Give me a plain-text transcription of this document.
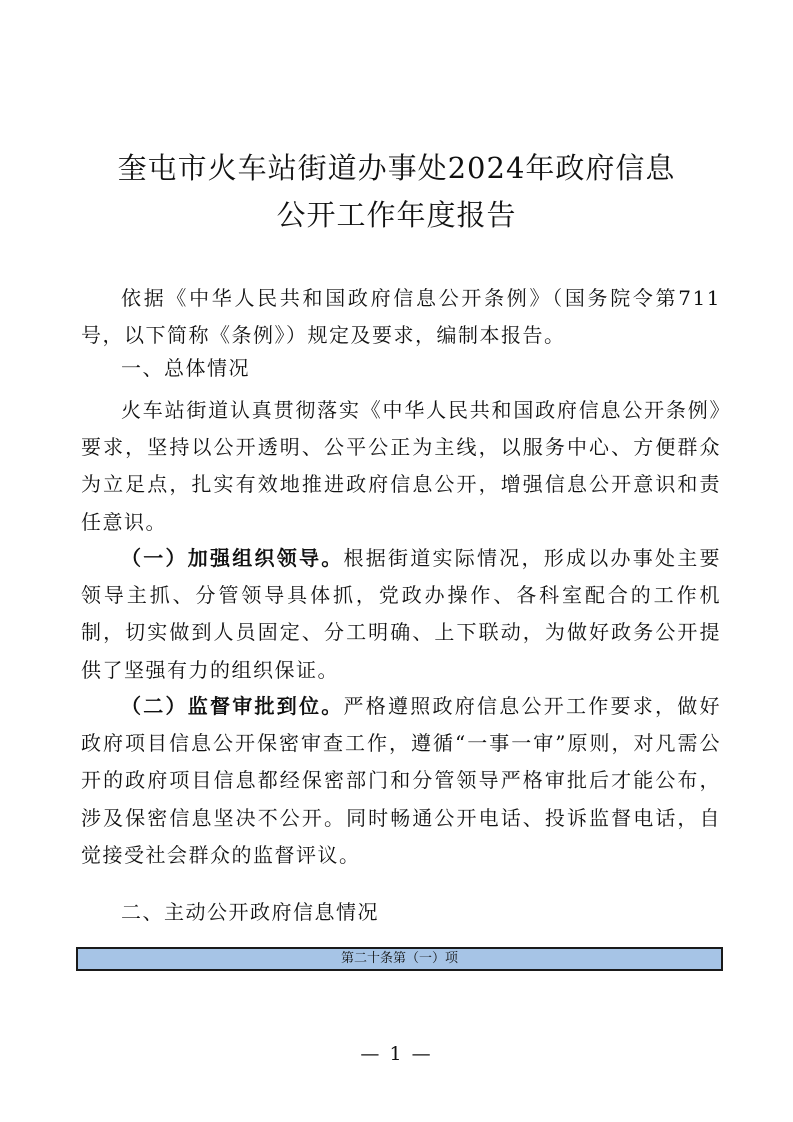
奎屯市火车站街道办事处2024年政府信息
公开工作年度报告
依据《中华人民共和国政府信息公开条例》（国务院令第711号，以下简称《条例》）规定及要求，编制本报告。
一、总体情况
火车站街道认真贯彻落实《中华人民共和国政府信息公开条例》要求，坚持以公开透明、公平公正为主线，以服务中心、方便群众为立足点，扎实有效地推进政府信息公开，增强信息公开意识和责任意识。
（一）加强组织领导。根据街道实际情况，形成以办事处主要领导主抓、分管领导具体抓，党政办操作、各科室配合的工作机制，切实做到人员固定、分工明确、上下联动，为做好政务公开提供了坚强有力的组织保证。
（二）监督审批到位。严格遵照政府信息公开工作要求，做好政府项目信息公开保密审查工作，遵循“一事一审”原则，对凡需公开的政府项目信息都经保密部门和分管领导严格审批后才能公布，涉及保密信息坚决不公开。同时畅通公开电话、投诉监督电话，自觉接受社会群众的监督评议。
二、主动公开政府信息情况
第二十条第（一）项
— 1 —
